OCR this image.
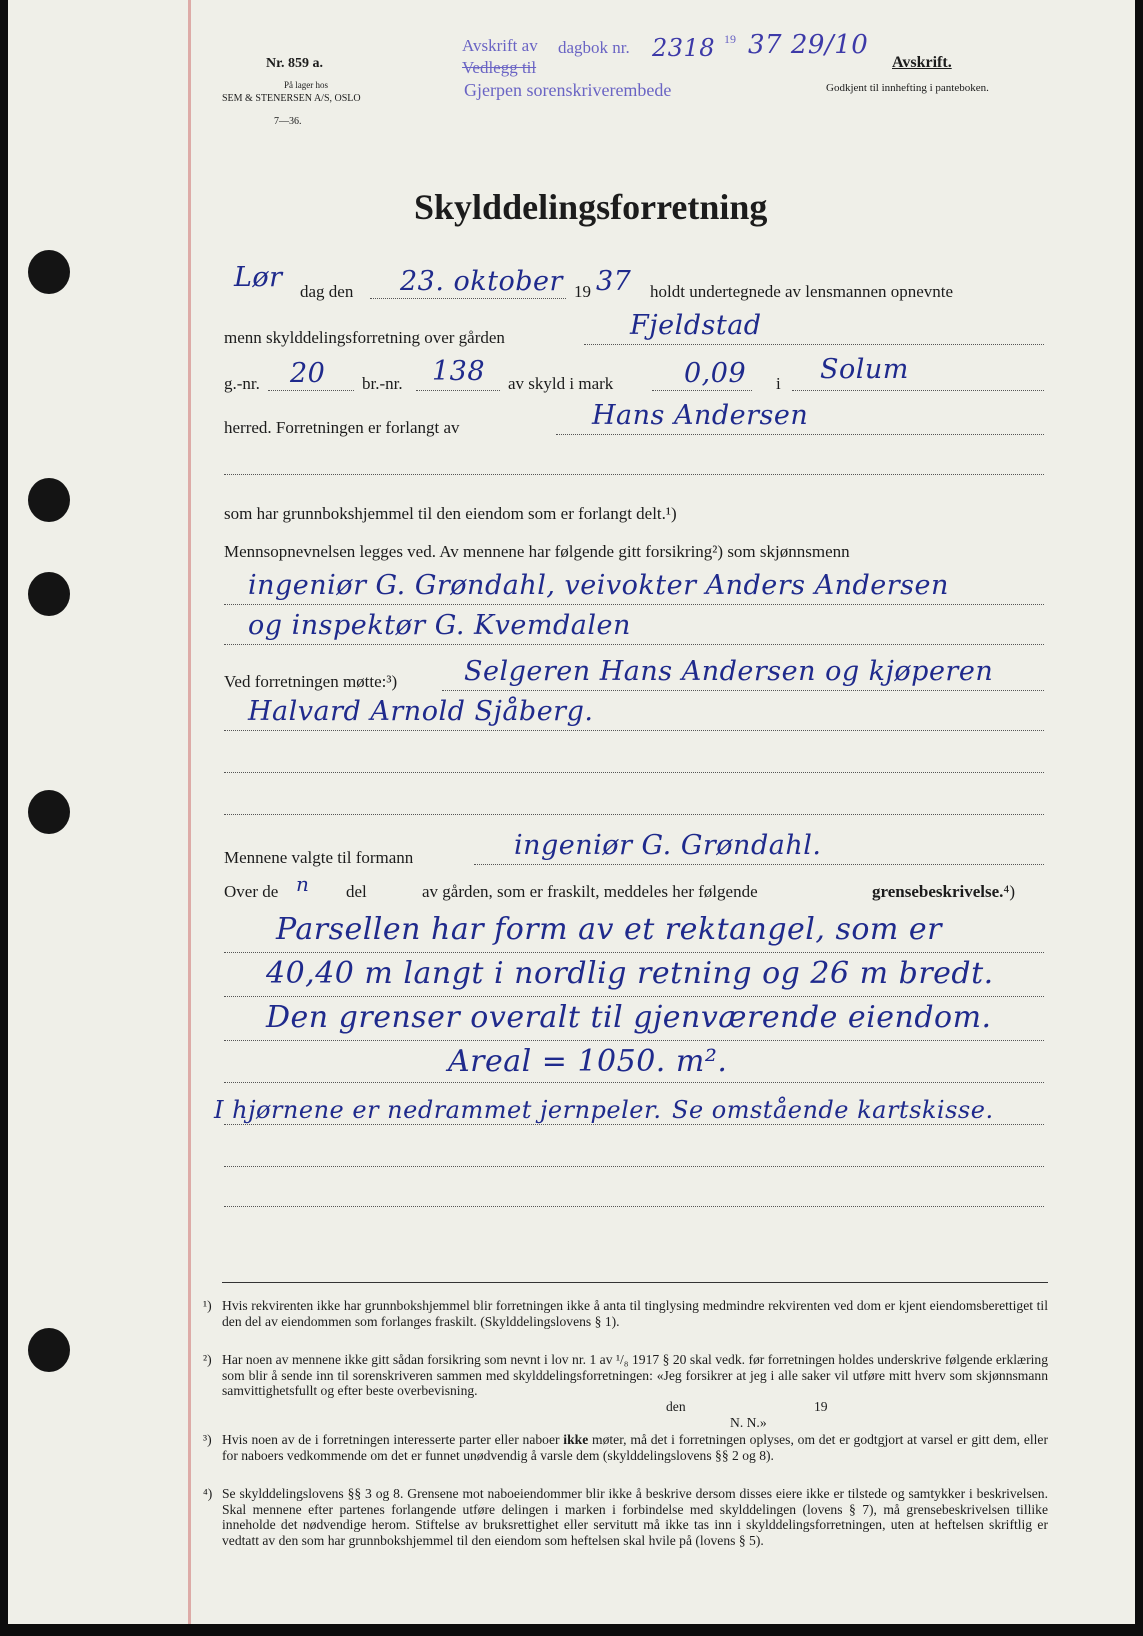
Nr. 859 a.
På lager hos
SEM & STENERSEN A/S, OSLO
7—36.
Avskrift av dagbok nr.
Vedlegg til
Gjerpen sorenskriverembede
2318 19 37 29/10
Avskrift.
Godkjent til innhefting i panteboken.
Skylddelingsforretning
Lør dag den 23. oktober 19 37 holdt undertegnede av lensmannen opnevnte
menn skylddelingsforretning over gården	Fjeldstad
g.-nr. 20 br.-nr. 138 av skyld i mark	0,09 i Solum
herred. Forretningen er forlangt av	Hans Andersen
som har grunnbokshjemmel til den eiendom som er forlangt delt.¹)
Mennsopnevnelsen legges ved. Av mennene har følgende gitt forsikring²) som skjønnsmenn
ingeniør G. Grøndahl, veivokter Anders Andersen
og inspektør G. Kvemdalen
Ved forretningen møtte:³) Selgeren Hans Andersen og kjøperen
Halvard Arnold Sjåberg.
Mennene valgte til formann	ingeniør G. Grøndahl.
Over de n del	av gården, som er fraskilt, meddeles her følgende	grensebeskrivelse.⁴)
Parsellen har form av et rektangel, som er
40,40 m langt i nordlig retning og 26 m bredt.
Den grenser overalt til gjenværende eiendom.
Areal = 1050. m².
I hjørnene er nedrammet jernpeler. Se omstående kartskisse.
¹) Hvis rekvirenten ikke har grunnbokshjemmel blir forretningen ikke å anta til tinglysing medmindre rekvirenten ved dom er kjent eiendomsberettiget til den del av eiendommen som forlanges fraskilt. (Skylddelingslovens § 1).
²) Har noen av mennene ikke gitt sådan forsikring som nevnt i lov nr. 1 av ¹/₈ 1917 § 20 skal vedk. før forretningen holdes underskrive følgende erklæring som blir å sende inn til sorenskriveren sammen med skylddelingsforretningen: «Jeg forsikrer at jeg i alle saker vil utføre mitt hverv som skjønnsmann samvittighetsfullt og efter beste overbevisning.
den	19
N. N.»
³) Hvis noen av de i forretningen interesserte parter eller naboer ikke møter, må det i forretningen oplyses, om det er godtgjort at varsel er gitt dem, eller for naboers vedkommende om det er funnet unødvendig å varsle dem (skylddelingslovens §§ 2 og 8).
⁴) Se skylddelingslovens §§ 3 og 8. Grensene mot naboeiendommer blir ikke å beskrive dersom disses eiere ikke er tilstede og samtykker i beskrivelsen. Skal mennene efter partenes forlangende utføre delingen i marken i forbindelse med skylddelingen (lovens § 7), må grensebeskrivelsen tillike inneholde det nødvendige herom. Stiftelse av bruksrettighet eller servitutt må ikke tas inn i skylddelingsforretningen, uten at heftelsen skriftlig er vedtatt av den som har grunnbokshjemmel til den eiendom som heftelsen skal hvile på (lovens § 5).
